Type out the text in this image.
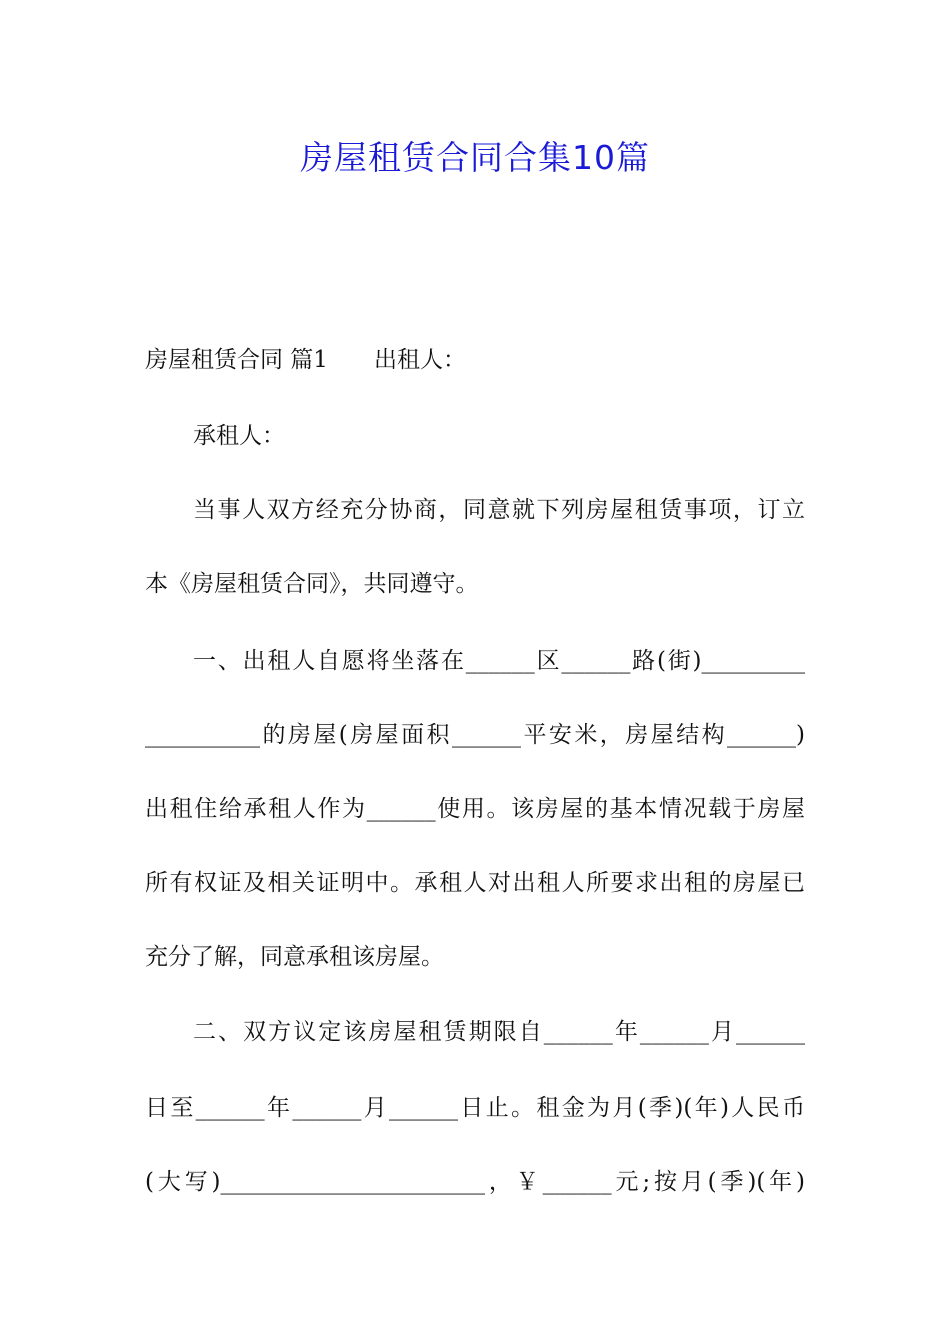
房屋租赁合同合集10篇
房屋租赁合同 篇1 出租人：
承租人：
当事人双方经充分协商，同意就下列房屋租赁事项，订立
本《房屋租赁合同》，共同遵守。
一、出租人自愿将坐落在______区______路(街)_________
__________的房屋(房屋面积______平安米，房屋结构______)
出租住给承租人作为______使用。该房屋的基本情况载于房屋
所有权证及相关证明中。承租人对出租人所要求出租的房屋已
充分了解，同意承租该房屋。
二、双方议定该房屋租赁期限自______年______月______
日至______年______月______日止。租金为月(季)(年)人民币
(大写)_______________________，￥______元;按月(季)(年)
